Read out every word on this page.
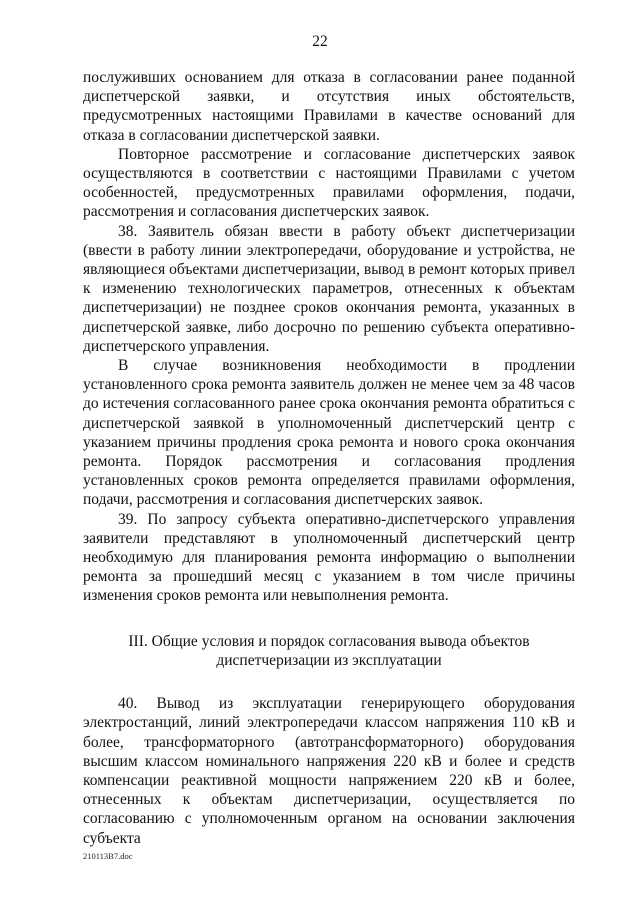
22

послуживших основанием для отказа в согласовании ранее поданной диспетчерской заявки, и отсутствия иных обстоятельств, предусмотренных настоящими Правилами в качестве оснований для отказа в согласовании диспетчерской заявки.

Повторное рассмотрение и согласование диспетчерских заявок осуществляются в соответствии с настоящими Правилами с учетом особенностей, предусмотренных правилами оформления, подачи, рассмотрения и согласования диспетчерских заявок.

38. Заявитель обязан ввести в работу объект диспетчеризации (ввести в работу линии электропередачи, оборудование и устройства, не являющиеся объектами диспетчеризации, вывод в ремонт которых привел к изменению технологических параметров, отнесенных к объектам диспетчеризации) не позднее сроков окончания ремонта, указанных в диспетчерской заявке, либо досрочно по решению субъекта оперативно-диспетчерского управления.

В случае возникновения необходимости в продлении установленного срока ремонта заявитель должен не менее чем за 48 часов до истечения согласованного ранее срока окончания ремонта обратиться с диспетчерской заявкой в уполномоченный диспетчерский центр с указанием причины продления срока ремонта и нового срока окончания ремонта. Порядок рассмотрения и согласования продления установленных сроков ремонта определяется правилами оформления, подачи, рассмотрения и согласования диспетчерских заявок.

39. По запросу субъекта оперативно-диспетчерского управления заявители представляют в уполномоченный диспетчерский центр необходимую для планирования ремонта информацию о выполнении ремонта за прошедший месяц с указанием в том числе причины изменения сроков ремонта или невыполнения ремонта.

III. Общие условия и порядок согласования вывода объектов
диспетчеризации из эксплуатации

40. Вывод из эксплуатации генерирующего оборудования электростанций, линий электропередачи классом напряжения 110 кВ и более, трансформаторного (автотрансформаторного) оборудования высшим классом номинального напряжения 220 кВ и более и средств компенсации реактивной мощности напряжением 220 кВ и более, отнесенных к объектам диспетчеризации, осуществляется по согласованию с уполномоченным органом на основании заключения субъекта

210113В7.doc
